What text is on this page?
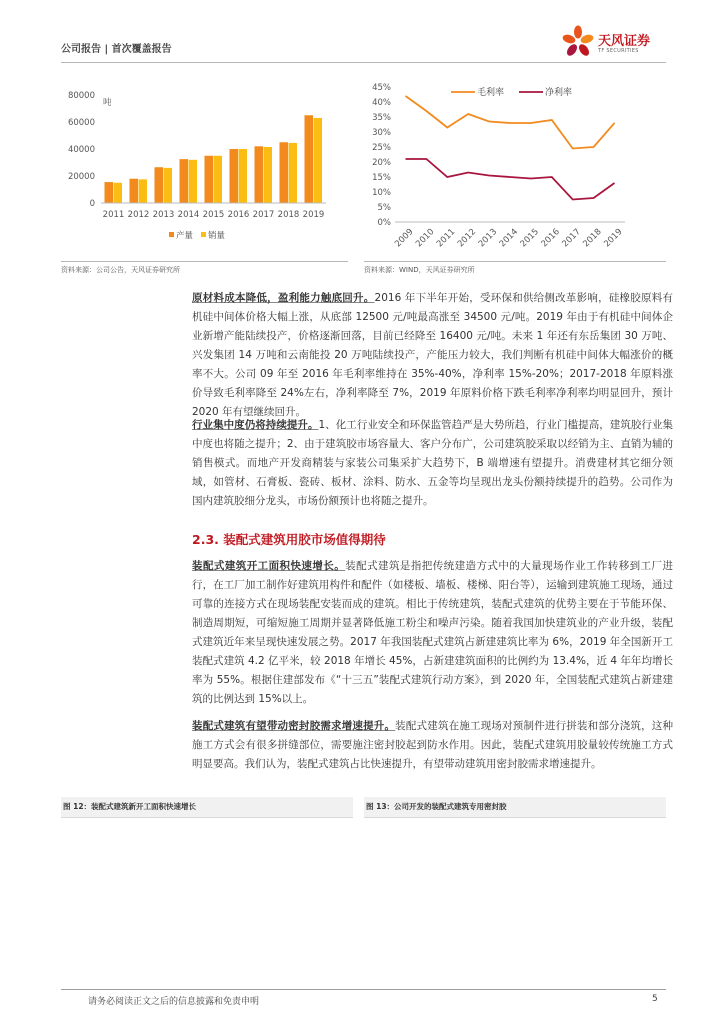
公司报告 | 首次覆盖报告
天风证券
TF SECURITIES
0
20000
40000
60000
80000
吨
2011 2012 2013 2014 2015 2016 2017 2018 2019
产量 销量
0%
5%
10%
15%
20%
25%
30%
35%
40%
45%
2009
2010
2011
2012
2013
2014
2015
2016
2017
2018
2019
毛利率	净利率
资料来源：公司公告，天风证券研究所	资料来源：WIND，天风证券研究所

原材料成本降低，盈利能力触底回升。2016 年下半年开始，受环保和供给侧改革影响，硅橡胶原料有机硅中间体价格大幅上涨，从底部 12500 元/吨最高涨至 34500 元/吨。2019 年由于有机硅中间体企业新增产能陆续投产，价格逐渐回落，目前已经降至 16400 元/吨。未来 1 年还有东岳集团 30 万吨、兴发集团 14 万吨和云南能投 20 万吨陆续投产，产能压力较大，我们判断有机硅中间体大幅涨价的概率不大。公司 09 年至 2016 年毛利率维持在 35%-40%，净利率 15%-20%；2017-2018 年原料涨价导致毛利率降至 24%左右，净利率降至 7%，2019 年原料价格下跌毛利率净利率均明显回升，预计 2020 年有望继续回升。

行业集中度仍将持续提升。1、化工行业安全和环保监管趋严是大势所趋，行业门槛提高，建筑胶行业集中度也将随之提升；2、由于建筑胶市场容量大、客户分布广，公司建筑胶采取以经销为主、直销为辅的销售模式。而地产开发商精装与家装公司集采扩大趋势下，B 端增速有望提升。消费建材其它细分领域，如管材、石膏板、瓷砖、板材、涂料、防水、五金等均呈现出龙头份额持续提升的趋势。公司作为国内建筑胶细分龙头，市场份额预计也将随之提升。

2.3. 装配式建筑用胶市场值得期待

装配式建筑开工面积快速增长。装配式建筑是指把传统建造方式中的大量现场作业工作转移到工厂进行，在工厂加工制作好建筑用构件和配件（如楼板、墙板、楼梯、阳台等），运输到建筑施工现场，通过可靠的连接方式在现场装配安装而成的建筑。相比于传统建筑，装配式建筑的优势主要在于节能环保、制造周期短，可缩短施工周期并显著降低施工粉尘和噪声污染。随着我国加快建筑业的产业升级，装配式建筑近年来呈现快速发展之势。2017 年我国装配式建筑占新建建筑比率为 6%，2019 年全国新开工装配式建筑 4.2 亿平米，较 2018 年增长 45%，占新建建筑面积的比例约为 13.4%，近 4 年年均增长率为 55%。根据住建部发布《“十三五”装配式建筑行动方案》，到 2020 年，全国装配式建筑占新建建筑的比例达到 15%以上。

装配式建筑有望带动密封胶需求增速提升。装配式建筑在施工现场对预制件进行拼装和部分浇筑，这种施工方式会有很多拼缝部位，需要施注密封胶起到防水作用。因此，装配式建筑用胶量较传统施工方式明显要高。我们认为，装配式建筑占比快速提升，有望带动建筑用密封胶需求增速提升。

图 12：装配式建筑新开工面积快速增长	图 13：公司开发的装配式建筑专用密封胶
请务必阅读正文之后的信息披露和免责申明	5
